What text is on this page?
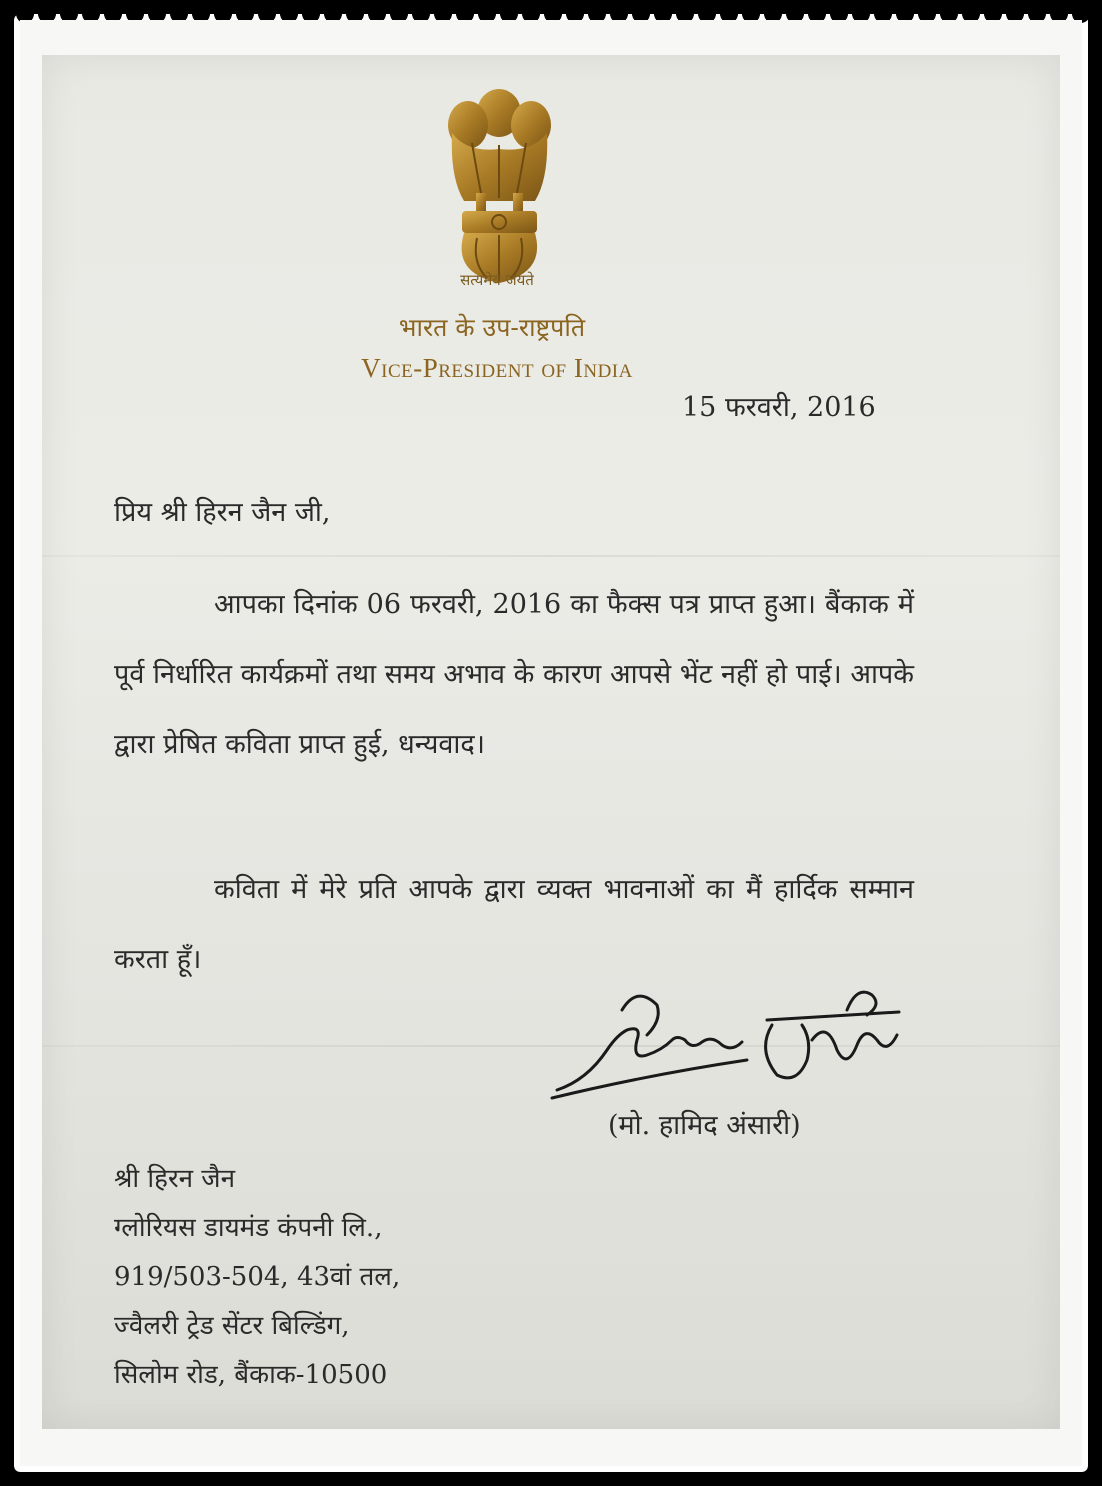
सत्यमेव जयते
भारत के उप-राष्ट्रपति
Vice-President of India
15 फरवरी, 2016
प्रिय श्री हिरन जैन जी,
आपका दिनांक 06 फरवरी, 2016 का फैक्स पत्र प्राप्त हुआ। बैंकाक में पूर्व निर्धारित कार्यक्रमों तथा समय अभाव के कारण आपसे भेंट नहीं हो पाई। आपके द्वारा प्रेषित कविता प्राप्त हुई, धन्यवाद।
कविता में मेरे प्रति आपके द्वारा व्यक्त भावनाओं का मैं हार्दिक सम्मान करता हूँ।
(मो. हामिद अंसारी)
श्री हिरन जैन
ग्लोरियस डायमंड कंपनी लि.,
919/503-504, 43वां तल,
ज्वैलरी ट्रेड सेंटर बिल्डिंग,
सिलोम रोड, बैंकाक-10500
